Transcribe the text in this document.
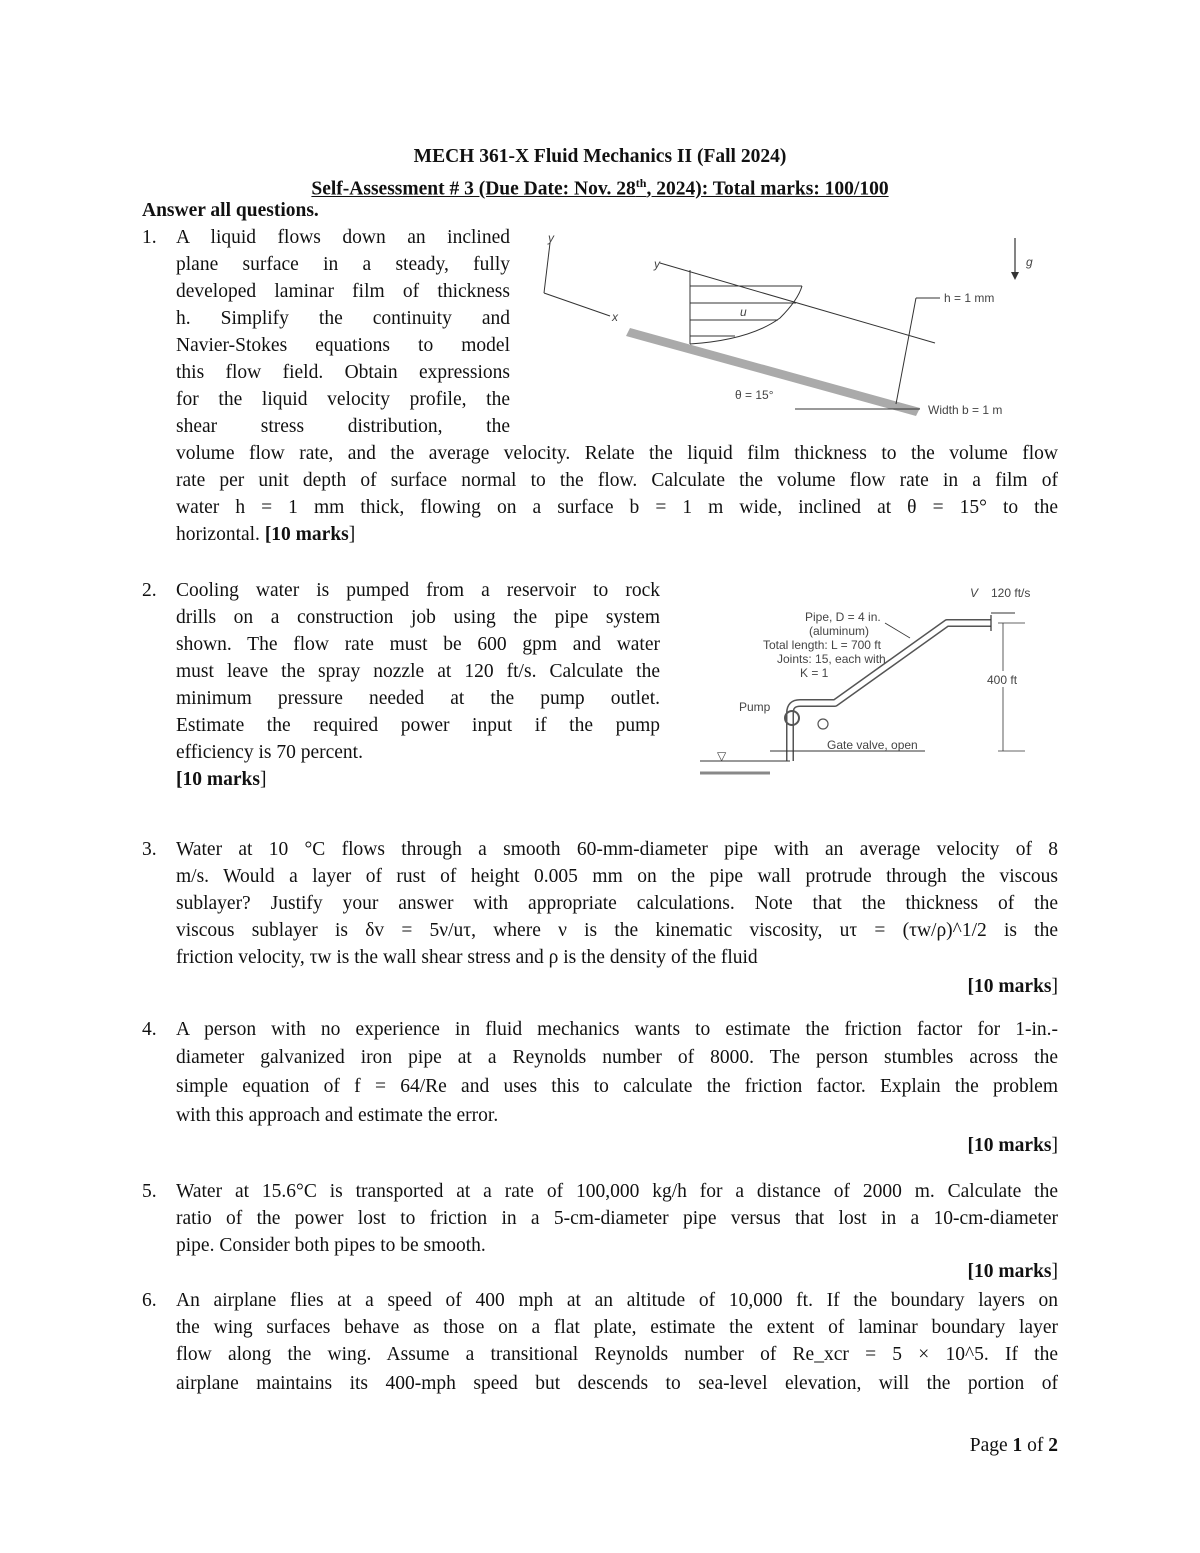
MECH 361-X Fluid Mechanics II (Fall 2024)
Self-Assessment # 3 (Due Date: Nov. 28th, 2024): Total marks: 100/100
Answer all questions.
1. A liquid flows down an inclined
plane surface in a steady, fully
developed laminar film of thickness
h. Simplify the continuity and
Navier-Stokes equations to model
this flow field. Obtain expressions
for the liquid velocity profile, the
shear stress distribution, the
volume flow rate, and the average velocity. Relate the liquid film thickness to the volume flow
rate per unit depth of surface normal to the flow. Calculate the volume flow rate in a film of
water h = 1 mm thick, flowing on a surface b = 1 m wide, inclined at θ = 15° to the
horizontal. [10 marks]
y
x
y
u
h = 1 mm
g
θ = 15°
Width b = 1 m
2. Cooling water is pumped from a reservoir to rock
drills on a construction job using the pipe system
shown. The flow rate must be 600 gpm and water
must leave the spray nozzle at 120 ft/s. Calculate the
minimum pressure needed at the pump outlet.
Estimate the required power input if the pump
efficiency is 70 percent.
[10 marks]
V 120 ft/s
400 ft
Pipe, D = 4 in.
(aluminum)
Total length: L = 700 ft
Joints: 15, each with
K = 1
Pump
Gate valve, open
▽
3. Water at 10 °C flows through a smooth 60-mm-diameter pipe with an average velocity of 8
m/s. Would a layer of rust of height 0.005 mm on the pipe wall protrude through the viscous
sublayer? Justify your answer with appropriate calculations. Note that the thickness of the
viscous sublayer is δv = 5ν/uτ, where ν is the kinematic viscosity, uτ = (τw/ρ)^1/2 is the
friction velocity, τw is the wall shear stress and ρ is the density of the fluid
[10 marks]
4. A person with no experience in fluid mechanics wants to estimate the friction factor for 1-in.-
diameter galvanized iron pipe at a Reynolds number of 8000. The person stumbles across the
simple equation of f = 64/Re and uses this to calculate the friction factor. Explain the problem
with this approach and estimate the error.
[10 marks]
5. Water at 15.6°C is transported at a rate of 100,000 kg/h for a distance of 2000 m. Calculate the
ratio of the power lost to friction in a 5-cm-diameter pipe versus that lost in a 10-cm-diameter
pipe. Consider both pipes to be smooth.
[10 marks]
6. An airplane flies at a speed of 400 mph at an altitude of 10,000 ft. If the boundary layers on
the wing surfaces behave as those on a flat plate, estimate the extent of laminar boundary layer
flow along the wing. Assume a transitional Reynolds number of Re_xcr = 5 × 10^5. If the
airplane maintains its 400-mph speed but descends to sea-level elevation, will the portion of
Page 1 of 2
